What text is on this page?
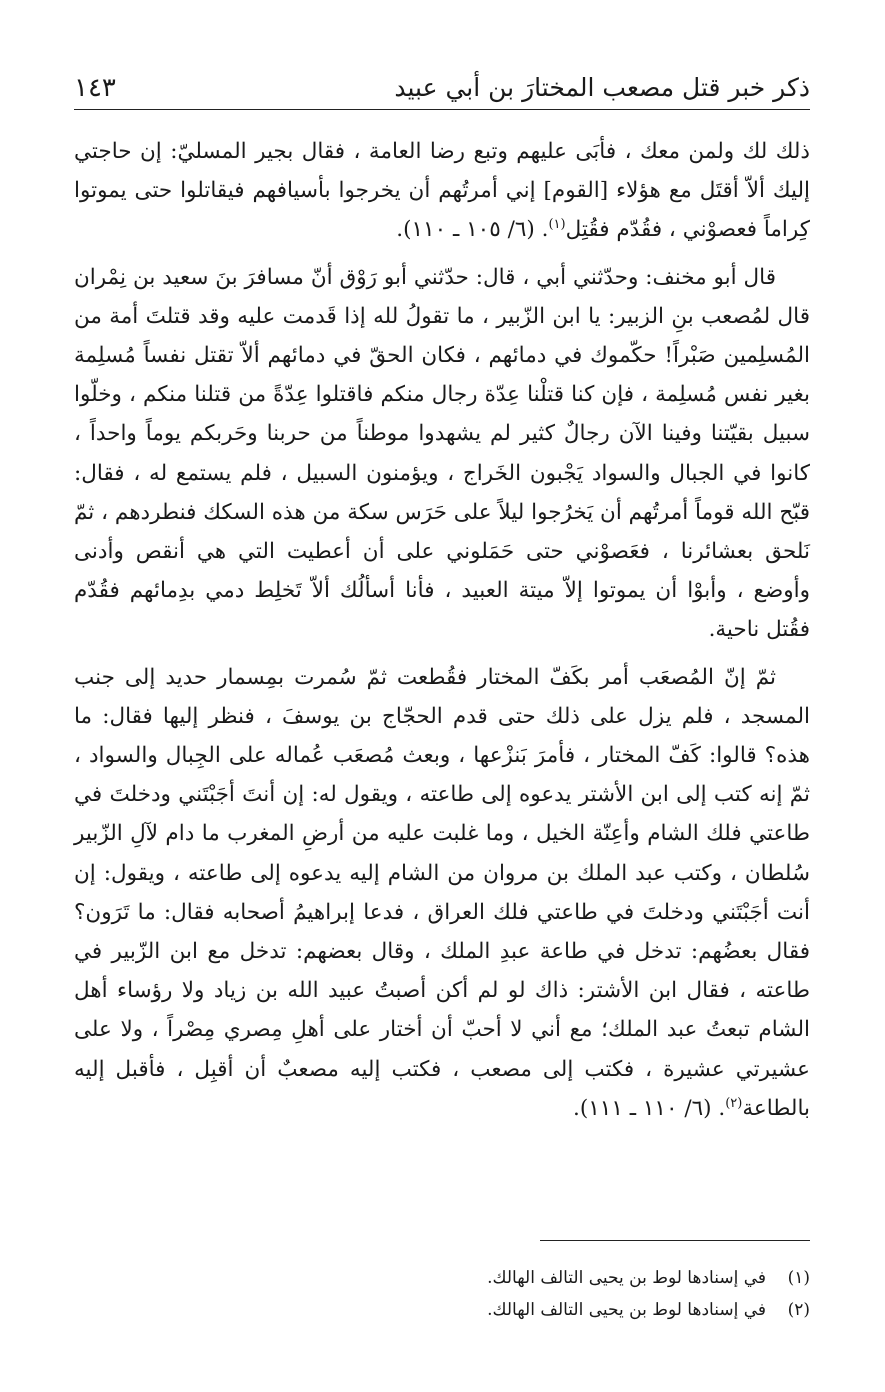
ذكر خبر قتل مصعب المختارَ بن أبي عبيد
١٤٣

ذلك لك ولمن معك ، فأبَى عليهم وتبع رضا العامة ، فقال بجير المسليّ: إن حاجتي إليك ألاّ أقتَل مع هؤلاء [القوم] إني أمرتُهم أن يخرجوا بأسيافهم فيقاتلوا حتى يموتوا كِراماً فعصوْني ، فقُدّم فقُتِل$^{(١)}$. (٦/ ١٠٥ ـ ١١٠).

قال أبو مخنف: وحدّثني أبي ، قال: حدّثني أبو رَوْق أنّ مسافرَ بنَ سعيد بن نِمْران قال لمُصعب بنِ الزبير: يا ابن الزّبير ، ما تقولُ لله إذا قَدمت عليه وقد قتلتَ أمة من المُسلِمين صَبْراً! حكّموك في دمائهم ، فكان الحقّ في دمائهم ألاّ تقتل نفساً مُسلِمة بغير نفس مُسلِمة ، فإن كنا قتلْنا عِدّة رجال منكم فاقتلوا عِدّةً من قتلنا منكم ، وخلّوا سبيل بقيّتنا وفينا الآن رجالٌ كثير لم يشهدوا موطناً من حربنا وحَربكم يوماً واحداً ، كانوا في الجبال والسواد يَجْبون الخَراج ، ويؤمنون السبيل ، فلم يستمع له ، فقال: قبّح الله قوماً أمرتُهم أن يَخرُجوا ليلاً على حَرَس سكة من هذه السكك فنطردهم ، ثمّ نَلحق بعشائرنا ، فعَصوْني حتى حَمَلوني على أن أعطيت التي هي أنقص وأدنى وأوضع ، وأبوْا أن يموتوا إلاّ ميتة العبيد ، فأنا أسألُك ألاّ تَخلِط دمي بدِمائهم فقُدّم فقُتل ناحية.

ثمّ إنّ المُصعَب أمر بكَفّ المختار فقُطعت ثمّ سُمرت بمِسمار حديد إلى جنب المسجد ، فلم يزل على ذلك حتى قدم الحجّاج بن يوسفَ ، فنظر إليها فقال: ما هذه؟ قالوا: كَفّ المختار ، فأمرَ بَنزْعها ، وبعث مُصعَب عُماله على الجِبال والسواد ، ثمّ إنه كتب إلى ابن الأشتر يدعوه إلى طاعته ، ويقول له: إن أنتَ أجَبْتَني ودخلتَ في طاعتي فلك الشام وأعِنّة الخيل ، وما غلبت عليه من أرضِ المغرب ما دام لآلِ الزّبير سُلطان ، وكتب عبد الملك بن مروان من الشام إليه يدعوه إلى طاعته ، ويقول: إن أنت أجَبْتَني ودخلتَ في طاعتي فلك العراق ، فدعا إبراهيمُ أصحابه فقال: ما تَرَون؟ فقال بعضُهم: تدخل في طاعة عبدِ الملك ، وقال بعضهم: تدخل مع ابن الزّبير في طاعته ، فقال ابن الأشتر: ذاك لو لم أكن أصبتُ عبيد الله بن زياد ولا رؤساء أهل الشام تبعتُ عبد الملك؛ مع أني لا أحبّ أن أختار على أهلِ مِصري مِصْراً ، ولا على عشيرتي عشيرة ، فكتب إلى مصعب ، فكتب إليه مصعبٌ أن أقبِل ، فأقبل إليه بالطاعة$^{(٢)}$. (٦/ ١١٠ ـ ١١١).

(١)
في إسنادها لوط بن يحيى التالف الهالك.
(٢)
في إسنادها لوط بن يحيى التالف الهالك.
